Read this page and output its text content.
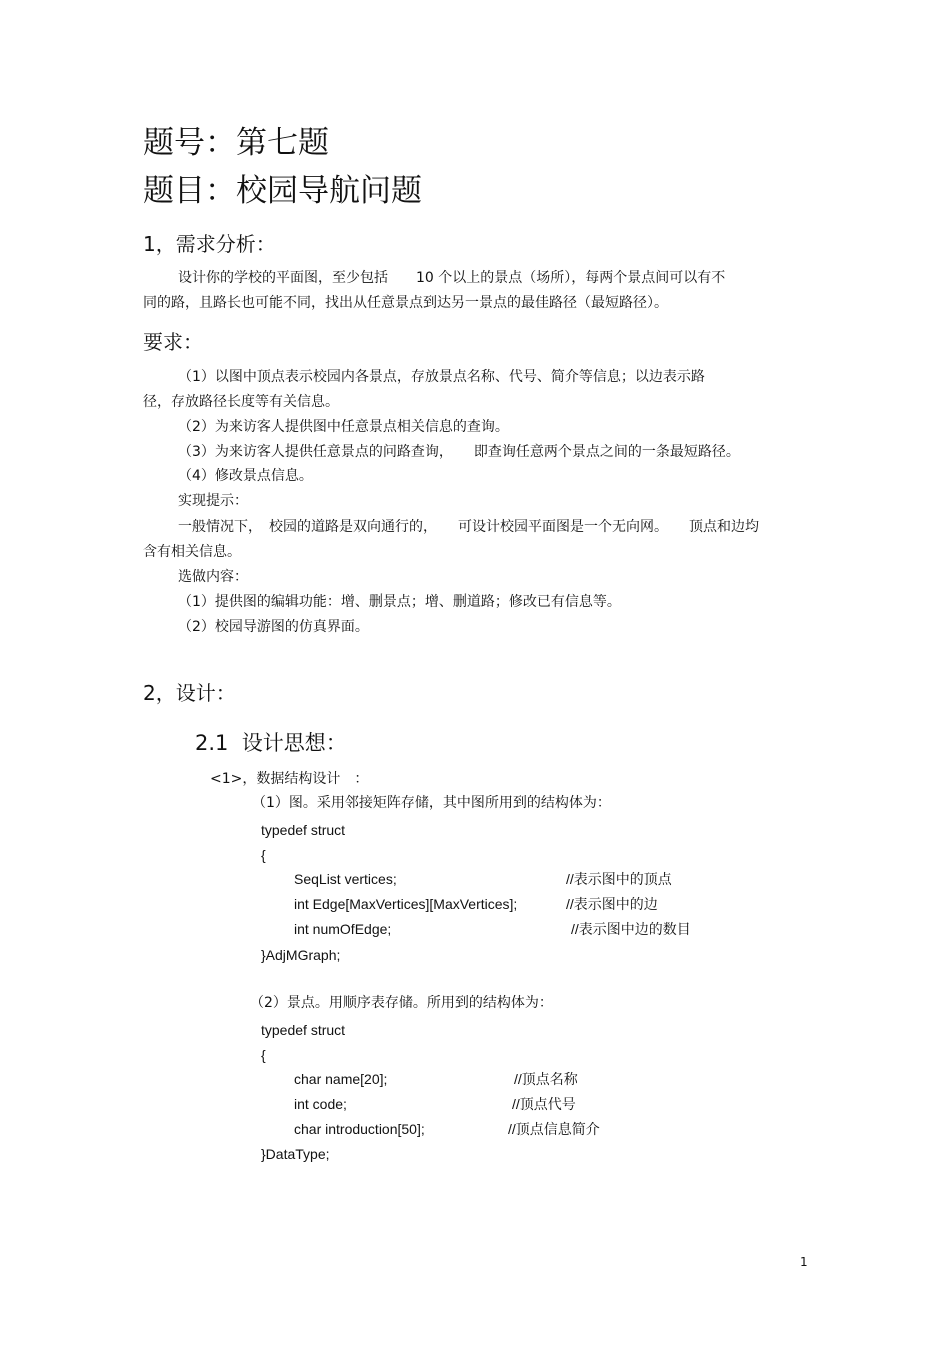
题号：第七题
题目：校园导航问题
1，需求分析：
设计你的学校的平面图，至少包括　　10 个以上的景点（场所），每两个景点间可以有不
同的路，且路长也可能不同，找出从任意景点到达另一景点的最佳路径（最短路径）。
要求：
（1）以图中顶点表示校园内各景点，存放景点名称、代号、简介等信息；以边表示路
径，存放路径长度等有关信息。
（2）为来访客人提供图中任意景点相关信息的查询。
（3）为来访客人提供任意景点的问路查询，　　即查询任意两个景点之间的一条最短路径。
（4）修改景点信息。
实现提示：
一般情况下，　校园的道路是双向通行的，　　可设计校园平面图是一个无向网。　　顶点和边均
含有相关信息。
选做内容：
（1）提供图的编辑功能：增、删景点；增、删道路；修改已有信息等。
（2）校园导游图的仿真界面。
2，设计：
2.1  设计思想：
<1>，数据结构设计　：
（1）图。采用邻接矩阵存储，其中图所用到的结构体为：
typedef struct
{
SeqList vertices;	//表示图中的顶点
int Edge[MaxVertices][MaxVertices];	//表示图中的边
int numOfEdge;	//表示图中边的数目
}AdjMGraph;
（2）景点。用顺序表存储。所用到的结构体为：
typedef struct
{
char name[20];	//顶点名称
int code;	//顶点代号
char introduction[50];	//顶点信息简介
}DataType;
1
